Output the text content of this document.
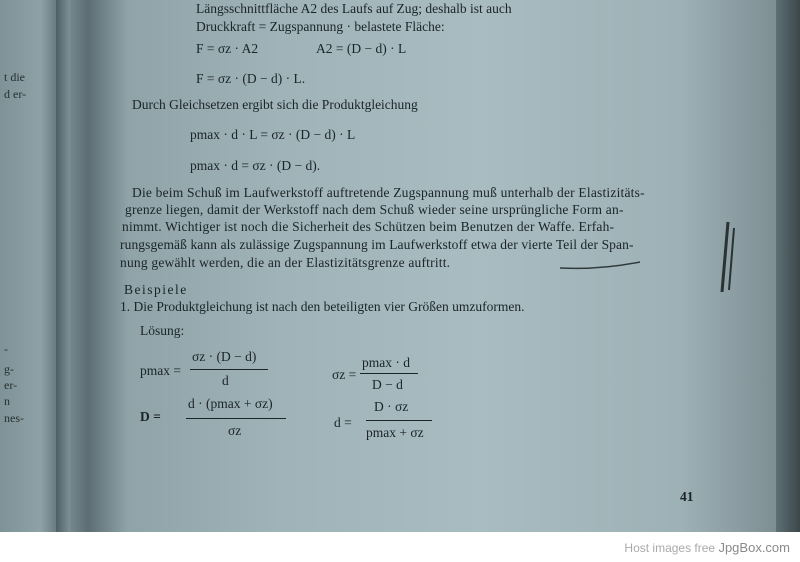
t die
d er-
-
g-
er-
n
nes-
Längsschnittfläche A2 des Laufs auf Zug; deshalb ist auch
Druckkraft = Zugspannung · belastete Fläche:
F = σz · A2	A2 = (D − d) · L
F = σz · (D − d) · L.
Durch Gleichsetzen ergibt sich die Produktgleichung
pmax · d · L = σz · (D − d) · L
pmax · d = σz · (D − d).
Die beim Schuß im Laufwerkstoff auftretende Zugspannung muß unterhalb der Elastizitäts-
grenze liegen, damit der Werkstoff nach dem Schuß wieder seine ursprüngliche Form an-
nimmt. Wichtiger ist noch die Sicherheit des Schützen beim Benutzen der Waffe. Erfah-
rungsgemäß kann als zulässige Zugspannung im Laufwerkstoff etwa der vierte Teil der Span-
nung gewählt werden, die an der Elastizitätsgrenze auftritt.
Beispiele
1. Die Produktgleichung ist nach den beteiligten vier Größen umzuformen.
Lösung:
pmax =
σz · (D − d)
d	σz =
pmax · d
D − d
D =
d · (pmax + σz)
σz
d =
D · σz
pmax + σz
41
Host images free JpgBox.com
